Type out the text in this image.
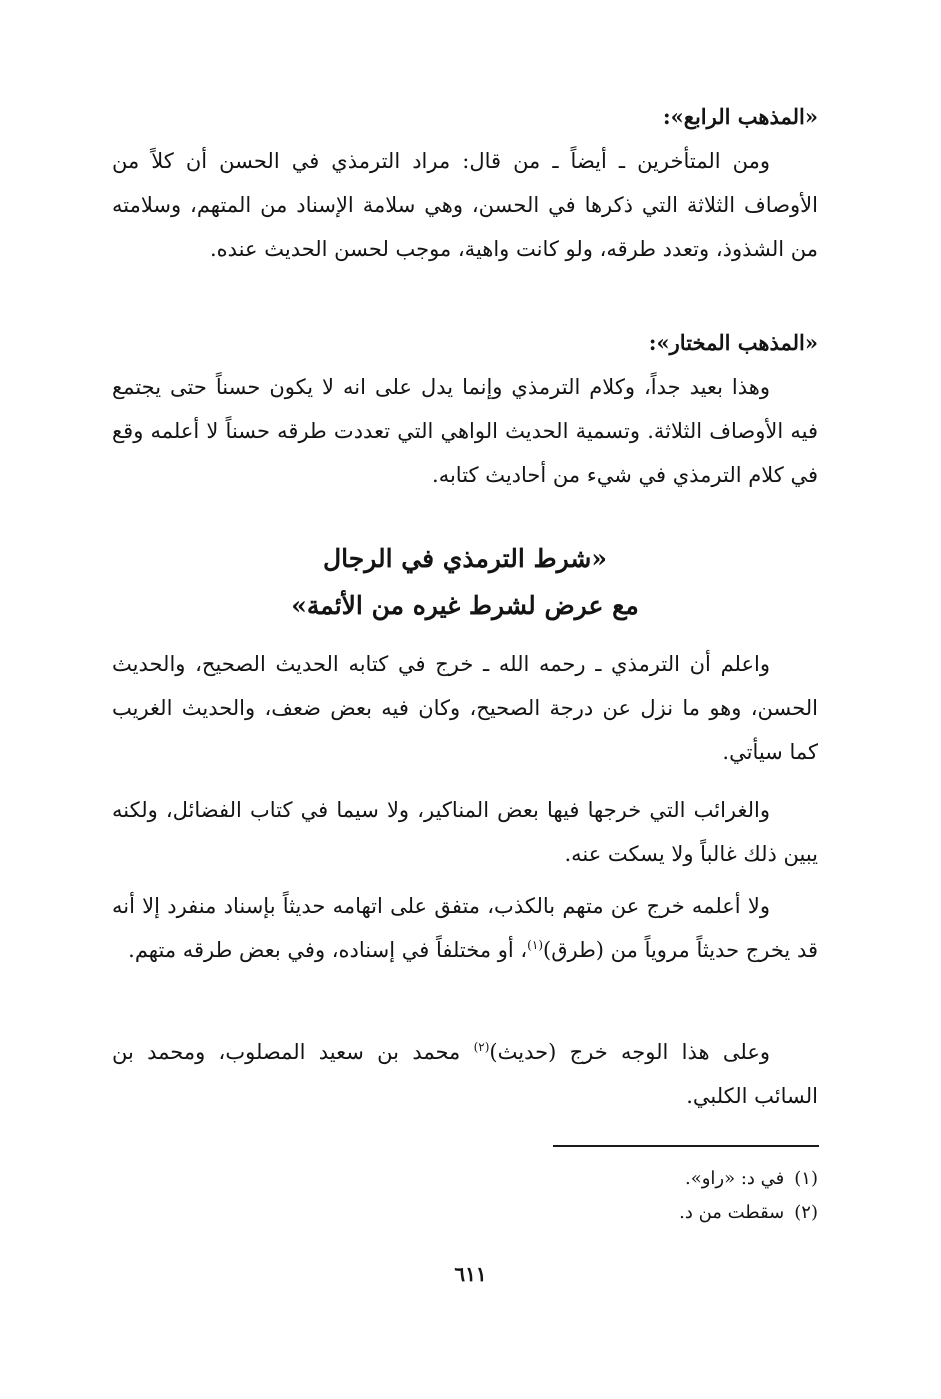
«المذهب الرابع»:

ومن المتأخرين ـ أيضاً ـ من قال: مراد الترمذي في الحسن أن كلاً من الأوصاف الثلاثة التي ذكرها في الحسن، وهي سلامة الإسناد من المتهم، وسلامته من الشذوذ، وتعدد طرقه، ولو كانت واهية، موجب لحسن الحديث عنده.

«المذهب المختار»:

وهذا بعيد جداً، وكلام الترمذي وإنما يدل على انه لا يكون حسناً حتى يجتمع فيه الأوصاف الثلاثة. وتسمية الحديث الواهي التي تعددت طرقه حسناً لا أعلمه وقع في كلام الترمذي في شيء من أحاديث كتابه.

«شرط الترمذي في الرجال
مع عرض لشرط غيره من الأئمة»

واعلم أن الترمذي ـ رحمه الله ـ خرج في كتابه الحديث الصحيح، والحديث الحسن، وهو ما نزل عن درجة الصحيح، وكان فيه بعض ضعف، والحديث الغريب كما سيأتي.

والغرائب التي خرجها فيها بعض المناكير، ولا سيما في كتاب الفضائل، ولكنه يبين ذلك غالباً ولا يسكت عنه.

ولا أعلمه خرج عن متهم بالكذب، متفق على اتهامه حديثاً بإسناد منفرد إلا أنه قد يخرج حديثاً مروياً من (طرق)$^{(١)}$، أو مختلفاً في إسناده، وفي بعض طرقه متهم.

وعلى هذا الوجه خرج (حديث)$^{(٢)}$ محمد بن سعيد المصلوب، ومحمد بن السائب الكلبي.

(١)في د: «راو».
(٢)سقطت من د.
٦١١
